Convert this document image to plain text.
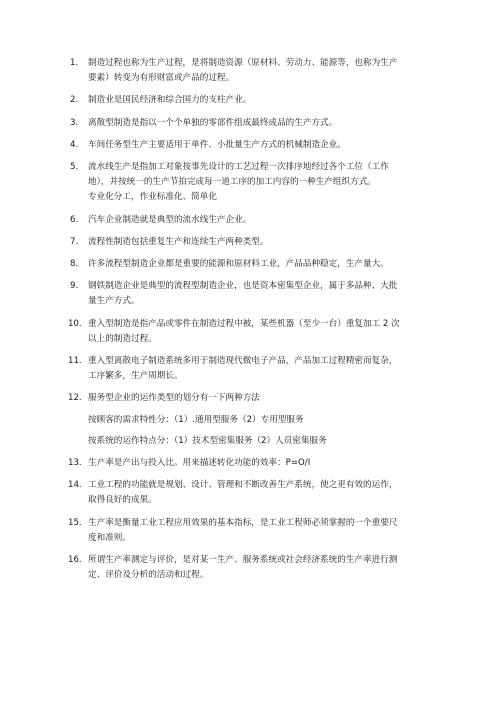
1.	制造过程也称为生产过程，是将制造资源（原材料、劳动力、能源等，也称为生产
要素）转变为有形财富或产品的过程。
2.	制造业是国民经济和综合国力的支柱产业。
3.	离散型制造是指以一个个单独的零部件组成最终成品的生产方式。
4.	车间任务型生产主要适用于单件、小批量生产方式的机械制造企业。
5.	流水线生产是指加工对象按事先设计的工艺过程一次排序地经过各个工位（工作
地），并按统一的生产节拍完成每一道工序的加工内容的一种生产组织方式。
专业化分工，作业标准化、简单化
6.	汽车企业制造就是典型的流水线生产企业。
7.	流程性制造包括重复生产和连续生产两种类型。
8.	许多流程型制造企业都是重要的能源和原材料工业，产品品种稳定，生产量大。
9.	钢铁制造企业是典型的流程型制造企业，也是资本密集型企业，属于多品种、大批
量生产方式。
10. 重入型制造是指产品或零件在制造过程中被，某些机器（至少一台）重复加工 2 次
以上的制造过程。
11. 重入型离散电子制造系统多用于制造现代微电子产品，产品加工过程精密而复杂，
工序繁多，生产周期长。
12. 服务型企业的运作类型的划分有一下两种方法
按顾客的需求特性分：（1）.通用型服务（2）专用型服务
按系统的运作特点分：（1）技术型密集服务（2）人员密集服务
13. 生产率是产出与投入比。用来描述转化功能的效率：P=O/I
14. 工业工程的功能就是规划、设计、管理和不断改善生产系统，使之更有效的运作，
取得良好的成果。
15. 生产率是衡量工业工程应用效果的基本指标，是工业工程师必须掌握的一个重要尺
度和准则。
16. 所谓生产率测定与评价，是对某一生产、服务系统或社会经济系统的生产率进行测
定、评价及分析的活动和过程。
